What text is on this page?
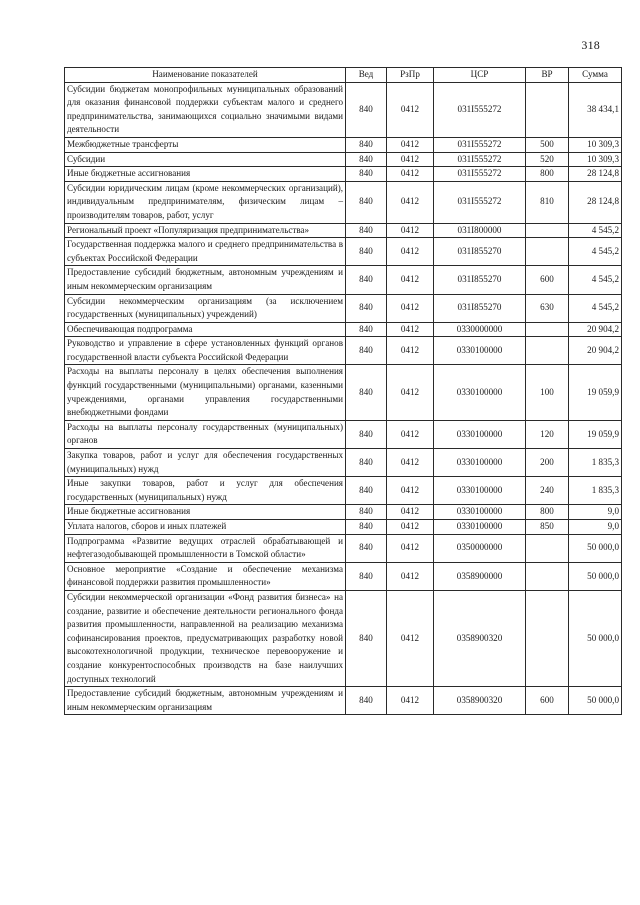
318
Наименование показателей	Вед	РзПр	ЦСР	ВР	Сумма
Субсидии бюджетам монопрофильных муниципальных образований для оказания финансовой поддержки субъектам малого и среднего предпринимательства, занимающихся социально значимыми видами деятельности	840	0412	031I555272		38 434,1
Межбюджетные трансферты	840	0412	031I555272	500	10 309,3
Субсидии	840	0412	031I555272	520	10 309,3
Иные бюджетные ассигнования	840	0412	031I555272	800	28 124,8
Субсидии юридическим лицам (кроме некоммерческих организаций), индивидуальным предпринимателям, физическим лицам – производителям товаров, работ, услуг	840	0412	031I555272	810	28 124,8
Региональный проект «Популяризация предпринимательства»	840	0412	031I800000		4 545,2
Государственная поддержка малого и среднего предпринимательства в субъектах Российской Федерации	840	0412	031I855270		4 545,2
Предоставление субсидий бюджетным, автономным учреждениям и иным некоммерческим организациям	840	0412	031I855270	600	4 545,2
Субсидии некоммерческим организациям (за исключением государственных (муниципальных) учреждений)	840	0412	031I855270	630	4 545,2
Обеспечивающая подпрограмма	840	0412	0330000000		20 904,2
Руководство и управление в сфере установленных функций органов государственной власти субъекта Российской Федерации	840	0412	0330100000		20 904,2
Расходы на выплаты персоналу в целях обеспечения выполнения функций государственными (муниципальными) органами, казенными учреждениями, органами управления государственными внебюджетными фондами	840	0412	0330100000	100	19 059,9
Расходы на выплаты персоналу государственных (муниципальных) органов	840	0412	0330100000	120	19 059,9
Закупка товаров, работ и услуг для обеспечения государственных (муниципальных) нужд	840	0412	0330100000	200	1 835,3
Иные закупки товаров, работ и услуг для обеспечения государственных (муниципальных) нужд	840	0412	0330100000	240	1 835,3
Иные бюджетные ассигнования	840	0412	0330100000	800	9,0
Уплата налогов, сборов и иных платежей	840	0412	0330100000	850	9,0
Подпрограмма «Развитие ведущих отраслей обрабатывающей и нефтегазодобывающей промышленности в Томской области»	840	0412	0350000000		50 000,0
Основное мероприятие «Создание и обеспечение механизма финансовой поддержки развития промышленности»	840	0412	0358900000		50 000,0
Субсидии некоммерческой организации «Фонд развития бизнеса» на создание, развитие и обеспечение деятельности регионального фонда развития промышленности, направленной на реализацию механизма софинансирования проектов, предусматривающих разработку новой высокотехнологичной продукции, техническое перевооружение и создание конкурентоспособных производств на базе наилучших доступных технологий	840	0412	0358900320		50 000,0
Предоставление субсидий бюджетным, автономным учреждениям и иным некоммерческим организациям	840	0412	0358900320	600	50 000,0
